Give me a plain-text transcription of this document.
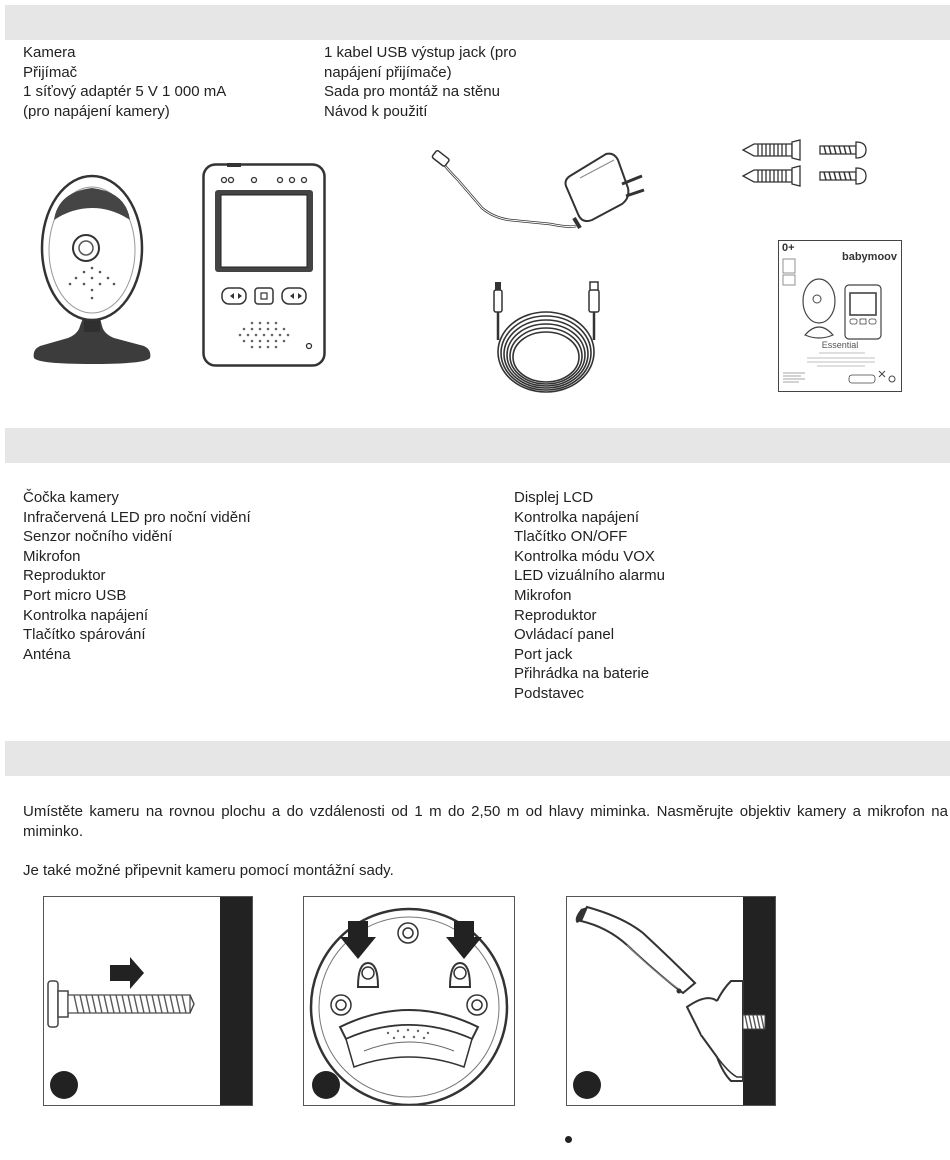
Kamera
Přijímač
1 síťový adaptér 5 V 1 000 mA
(pro napájení kamery)
1 kabel USB výstup jack (pro
napájení přijímače)
Sada pro montáž na stěnu
Návod k použití
0+
babymoov
Essential
Čočka kamery
Infračervená LED pro noční vidění
Senzor nočního vidění
Mikrofon
Reproduktor
Port micro USB
Kontrolka napájení
Tlačítko spárování
Anténa
Displej LCD
Kontrolka napájení
Tlačítko ON/OFF
Kontrolka módu VOX
LED vizuálního alarmu
Mikrofon
Reproduktor
Ovládací panel
Port jack
Přihrádka na baterie
Podstavec
Umístěte kameru na rovnou plochu a do vzdálenosti od 1 m do 2,50 m od hlavy miminka. Nasměrujte objektiv kamery a mikrofon na miminko.
Je také možné připevnit kameru pomocí montážní sady.
